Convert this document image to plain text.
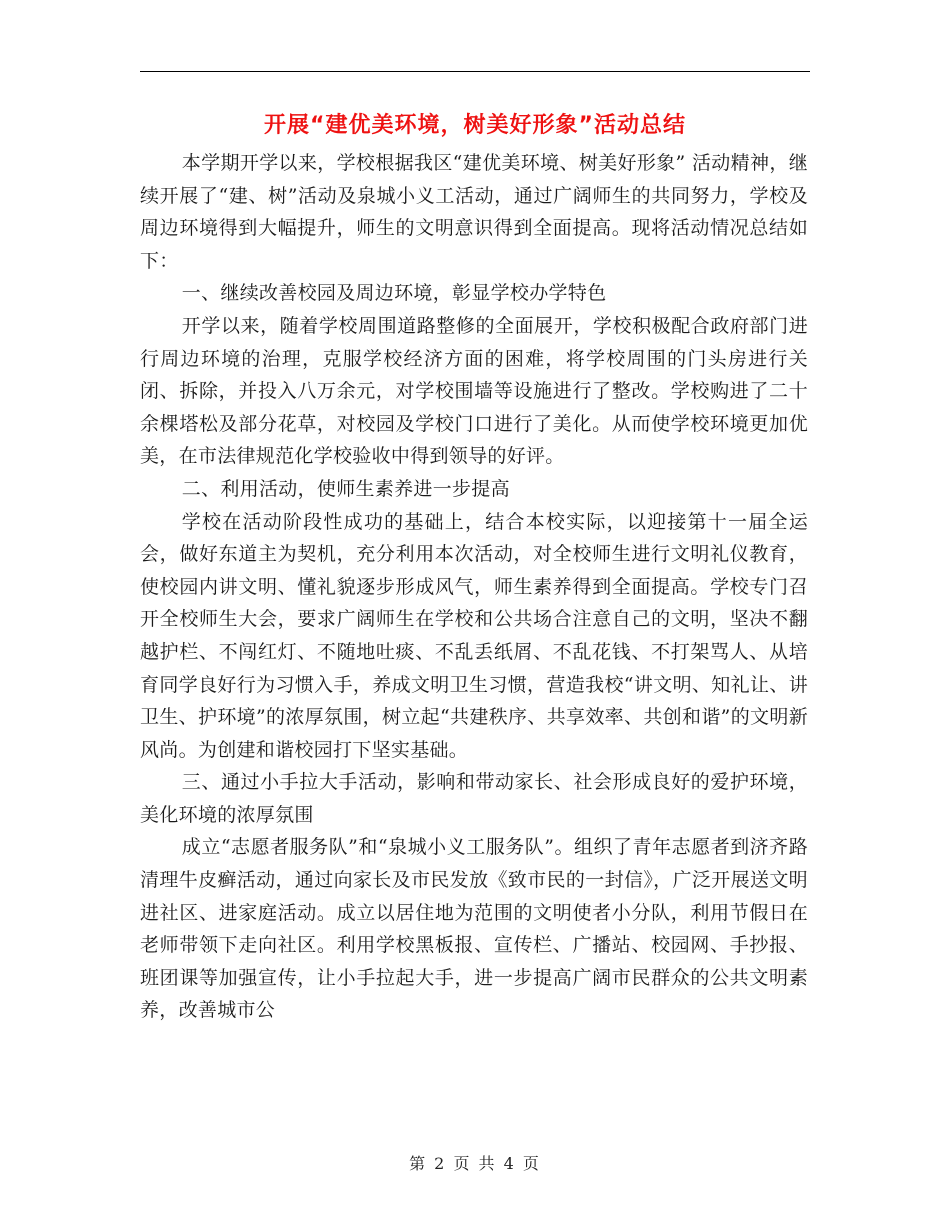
开展“建优美环境，树美好形象”活动总结

本学期开学以来，学校根据我区“建优美环境、树美好形象” 活动精神，继续开展了“建、树”活动及泉城小义工活动，通过广阔师生的共同努力，学校及周边环境得到大幅提升，师生的文明意识得到全面提高。现将活动情况总结如下：

一、继续改善校园及周边环境，彰显学校办学特色

开学以来，随着学校周围道路整修的全面展开，学校积极配合政府部门进行周边环境的治理，克服学校经济方面的困难，将学校周围的门头房进行关闭、拆除，并投入八万余元，对学校围墙等设施进行了整改。学校购进了二十余棵塔松及部分花草，对校园及学校门口进行了美化。从而使学校环境更加优美，在市法律规范化学校验收中得到领导的好评。

二、利用活动，使师生素养进一步提高

学校在活动阶段性成功的基础上，结合本校实际，以迎接第十一届全运会，做好东道主为契机，充分利用本次活动，对全校师生进行文明礼仪教育，使校园内讲文明、懂礼貌逐步形成风气，师生素养得到全面提高。学校专门召开全校师生大会，要求广阔师生在学校和公共场合注意自己的文明，坚决不翻越护栏、不闯红灯、不随地吐痰、不乱丢纸屑、不乱花钱、不打架骂人、从培育同学良好行为习惯入手，养成文明卫生习惯，营造我校“讲文明、知礼让、讲卫生、护环境”的浓厚氛围，树立起“共建秩序、共享效率、共创和谐”的文明新风尚。为创建和谐校园打下坚实基础。

三、通过小手拉大手活动，影响和带动家长、社会形成良好的爱护环境，美化环境的浓厚氛围

成立“志愿者服务队”和“泉城小义工服务队”。组织了青年志愿者到济齐路清理牛皮癣活动，通过向家长及市民发放《致市民的一封信》，广泛开展送文明进社区、进家庭活动。成立以居住地为范围的文明使者小分队，利用节假日在老师带领下走向社区。利用学校黑板报、宣传栏、广播站、校园网、手抄报、班团课等加强宣传，让小手拉起大手，进一步提高广阔市民群众的公共文明素养，改善城市公

第 2 页 共 4 页
